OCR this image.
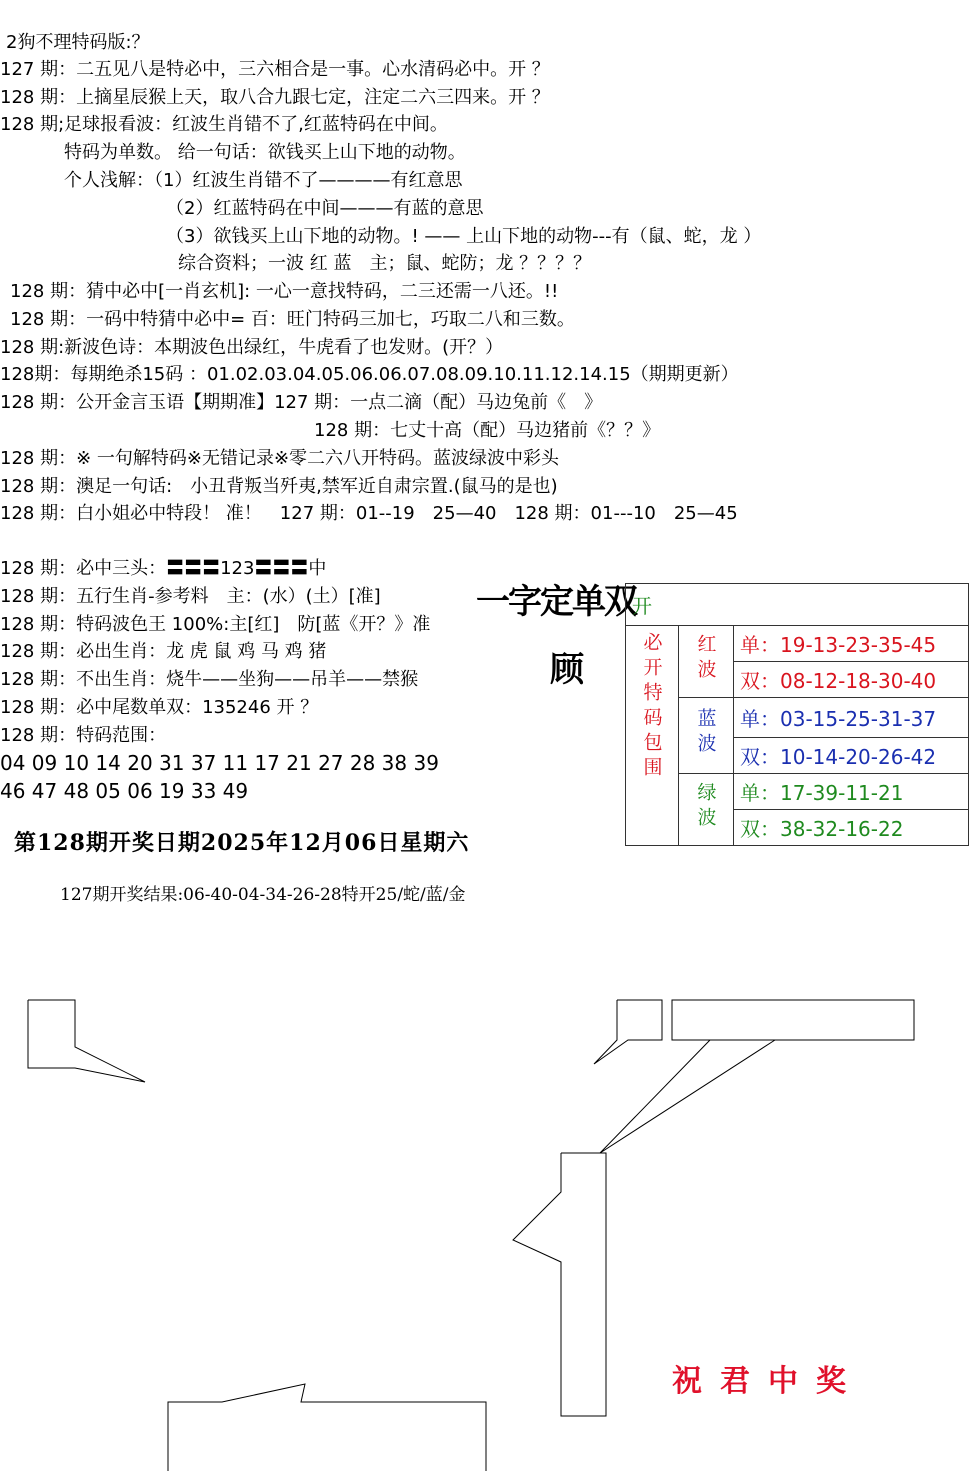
2狗不理特码版:？
127 期：二五见八是特必中，三六相合是一事。心水清码必中。开 ？
128 期：上摘星辰猴上天，取八合九跟七定，注定二六三四来。开 ？
128 期;足球报看波：红波生肖错不了,红蓝特码在中间。
特码为单数。 给一句话：欲钱买上山下地的动物。
个人浅解：（1）红波生肖错不了————有红意思
（2）红蓝特码在中间———有蓝的意思
（3）欲钱买上山下地的动物。! —— 上山下地的动物---有（鼠、蛇，龙 ）
综合资料；一波 红 蓝　主；鼠、蛇防；龙 ？？？？
128 期：猜中必中[一肖玄机]: 一心一意找特码，二三还需一八还。!!
128 期：一码中特猜中必中= 百：旺门特码三加七，巧取二八和三数。
128 期:新波色诗：本期波色出绿红，牛虎看了也发财。(开？）
128期：每期绝杀15码 ：01.02.03.04.05.06.06.07.08.09.10.11.12.14.15（期期更新）
128 期：公开金言玉语【期期准】127 期：一点二滴（配）马边兔前《　》
128 期：七丈十高（配）马边猪前《？？》
128 期：※ 一句解特码※无错记录※零二六八开特码。蓝波绿波中彩头
128 期：澳足一句话:　小丑背叛当歼夷,禁军近自肃宗置.(鼠马的是也)
128 期：白小姐必中特段！ 准！　127 期：01--19　25—40　128 期：01---10　25—45
128 期：必中三头：〓〓〓123〓〓〓中
128 期：五行生肖-参考料　主：(水）(土）[准]
128 期：特码波色王 100%:主[红]　防[蓝《开？》准
128 期：必出生肖：龙 虎 鼠 鸡 马 鸡 猪
128 期：不出生肖：烧牛——坐狗——吊羊——禁猴
128 期：必中尾数单双：135246 开 ？
128 期：特码范围：
04 09 10 14 20 31 37 11 17 21 27 28 38 39
46 47 48 05 06 19 33 49
一字定单双
顾
开		
必开特码包围	红波	单：19-13-23-35-45
		双：08-12-18-30-40
	蓝波	单：03-15-25-31-37
		双：10-14-20-26-42
	绿波	单：17-39-11-21
		双：38-32-16-22
第128期开奖日期2025年12月06日星期六
127期开奖结果:06-40-04-34-26-28特开25/蛇/蓝/金
祝君中奖
